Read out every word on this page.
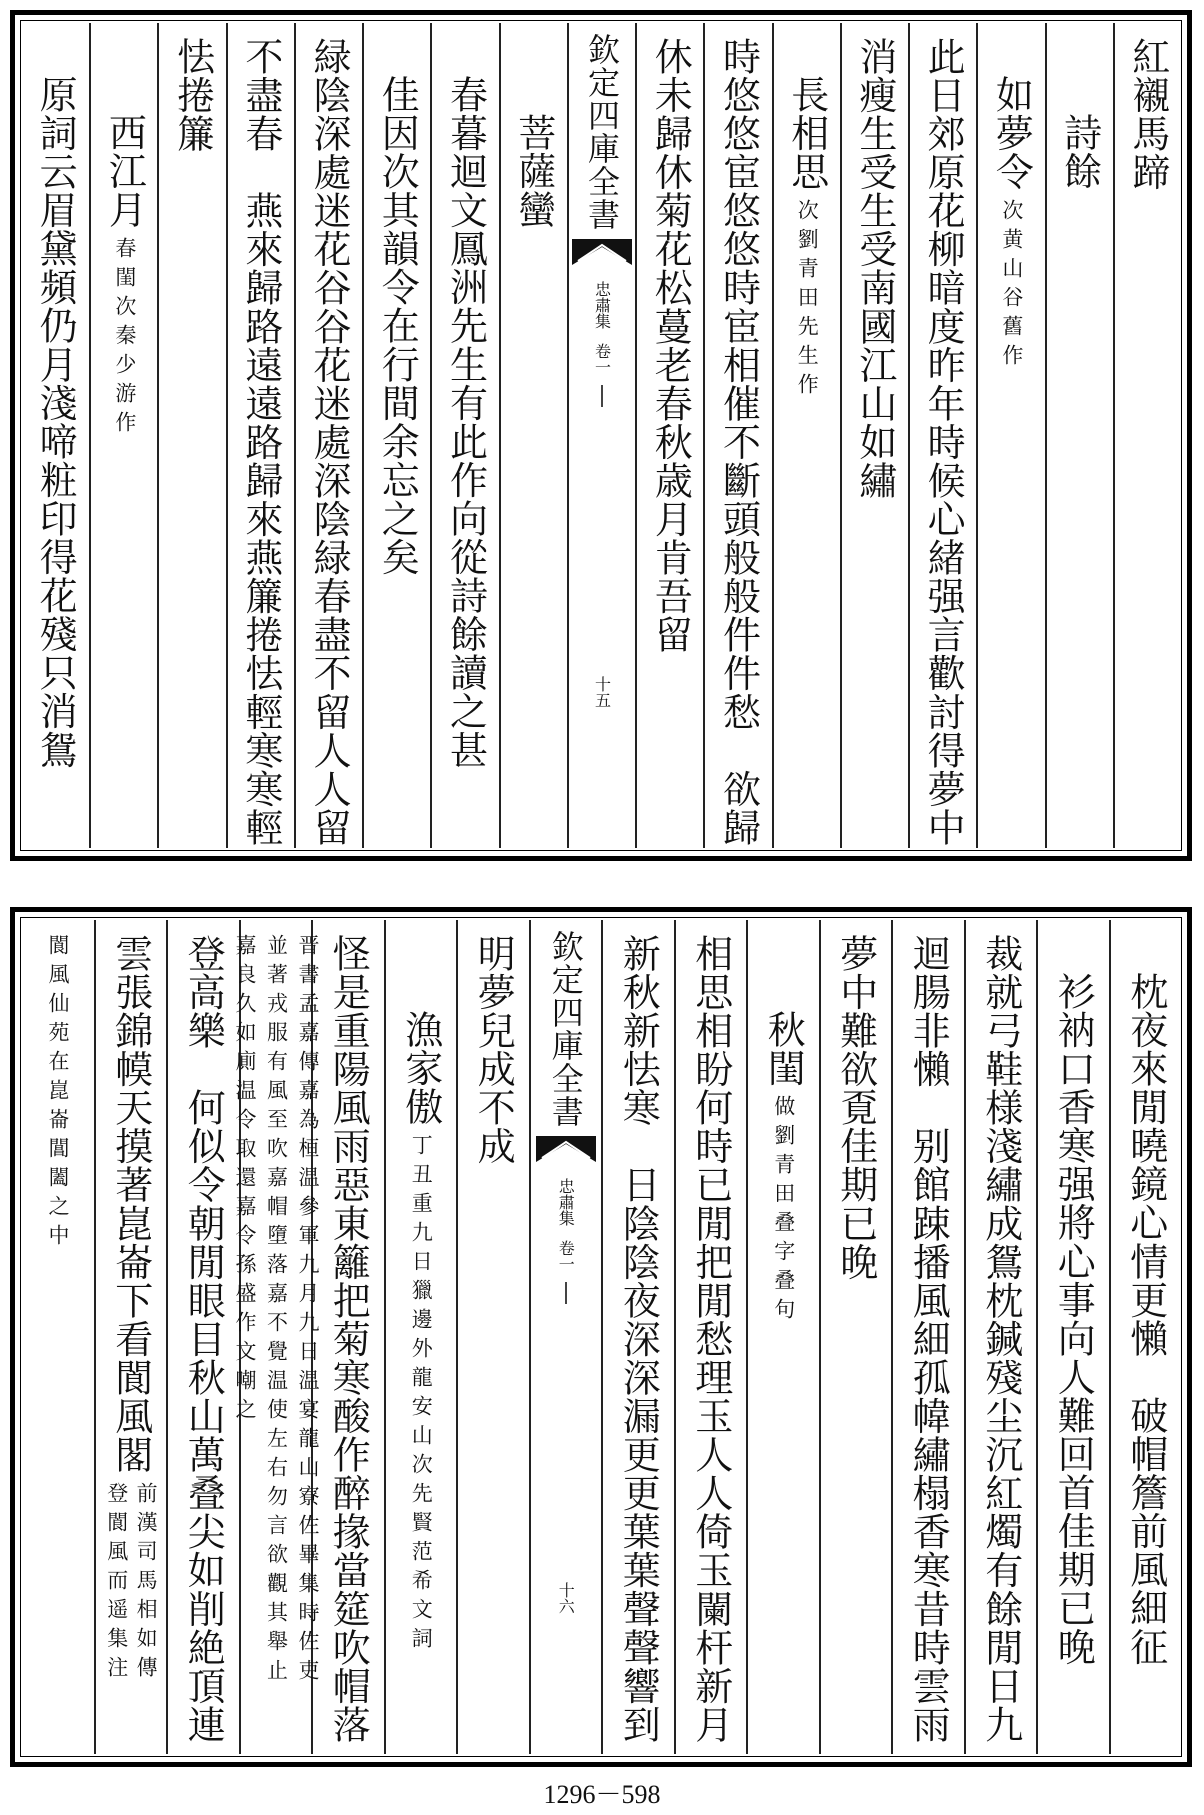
紅襯馬蹄
詩餘
如夢令
次黄山谷舊作
此日郊原花柳暗度昨年時候心緒强言歡討得夢中
消瘦生受生受南國江山如繡
長相思
次劉青田先生作
時悠悠宦悠悠時宦相催不斷頭般般件件愁　欲歸
休未歸休菊花松蔓老春秋歳月肯吾留
欽定四庫全書
忠肅集
卷一
十五
菩薩蠻
春暮迴文鳳洲先生有此作向從詩餘讀之甚
佳因次其韻令在行間余忘之矣
緑陰深處迷花谷谷花迷處深陰緑春盡不留人人留
不盡春　燕來歸路遠遠路歸來燕簾捲怯輕寒寒輕
怯捲簾
西江月
春閨次秦少游作
原詞云眉黛頻仍月淺啼粧印得花殘只消鴛
枕夜來閒曉鏡心情更懶　破帽簷前風細征
衫衲口香寒强將心事向人難回首佳期已晚
裁就弓鞋様淺繡成鴛枕鍼殘尘沉紅燭有餘閒日九
迴腸非懶　别館踈播風細孤幃繡榻香寒昔時雲雨
夢中難欲覔佳期已晚
秋閨
做劉青田叠字叠句
相思相盼何時已閒把閒愁理玉人人倚玉闌杆新月
新秋新怯寒　日陰陰夜深深漏更更葉葉聲聲響到
欽定四庫全書
忠肅集
卷一
十六
明夢兒成不成
漁家傲
丁丑重九日獵邊外龍安山次先賢范希文詞
怪是重陽風雨惡東籬把菊寒酸作醉掾當筵吹帽落
晋書孟嘉傳嘉為桓温參軍九月九日温宴龍山寮佐畢集時佐吏並著戎服有風至吹嘉帽墮落嘉不覺温使左右勿言欲觀其舉止嘉良久如廁温令取還嘉令孫盛作文嘲之
登高樂　何似令朝閒眼目秋山萬叠尖如削絶頂連
雲張錦幙天摸著崑崙下看閬風閣
前漢司馬相如傳登閬風而遥集注
閬風仙苑在崑崙閶闔之中
1296－598
